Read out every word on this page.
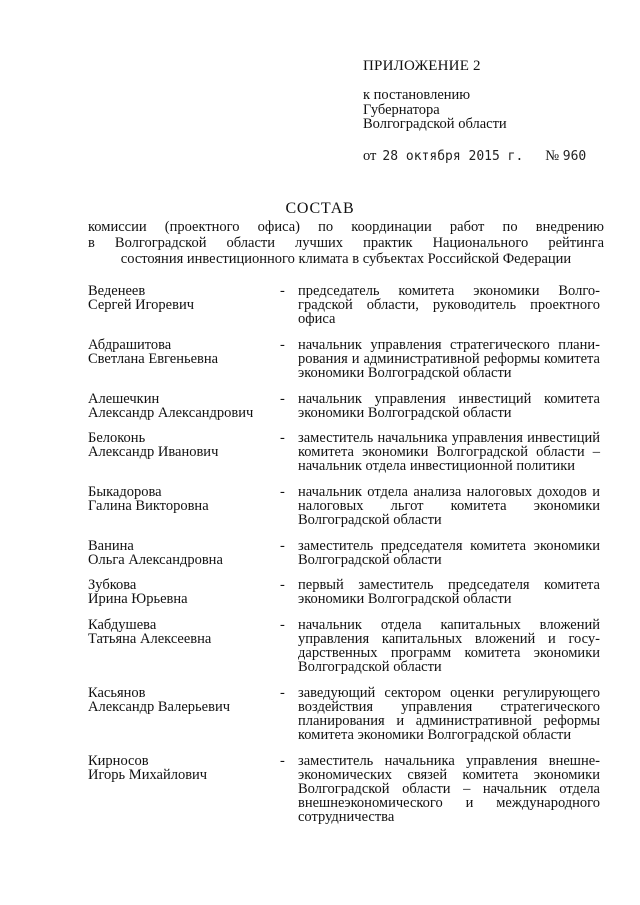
ПРИЛОЖЕНИЕ 2
к постановлению
Губернатора
Волгоградской области
от 28 октября 2015 г. № 960
СОСТАВ
комиссии (проектного офиса) по координации работ по внедрению
в Волгоградской области лучших практик Национального рейтинга
состояния инвестиционного климата в субъектах Российской Федерации
Веденеев
Сергей Игоревич
- председатель комитета экономики Волгоградской области, руководитель проектного офиса
Абдрашитова
Светлана Евгеньевна
- начальник управления стратегического планирования и административной реформы комитета экономики Волгоградской области
Алешечкин
Александр Александрович
- начальник управления инвестиций комитета экономики Волгоградской области
Белоконь
Александр Иванович
- заместитель начальника управления инвестиций комитета экономики Волгоградской области – начальник отдела инвестиционной политики
Быкадорова
Галина Викторовна
- начальник отдела анализа налоговых доходов и налоговых льгот комитета экономики Волгоградской области
Ванина
Ольга Александровна
- заместитель председателя комитета экономики Волгоградской области
Зубкова
Ирина Юрьевна
- первый заместитель председателя комитета экономики Волгоградской области
Кабдушева
Татьяна Алексеевна
- начальник отдела капитальных вложений управления капитальных вложений и государственных программ комитета экономики Волгоградской области
Касьянов
Александр Валерьевич
- заведующий сектором оценки регулирующего воздействия управления стратегического планирования и административной реформы комитета экономики Волгоградской области
Кирносов
Игорь Михайлович
- заместитель начальника управления внешнеэкономических связей комитета экономики Волгоградской области – начальник отдела внешнеэкономического и международного сотрудничества
